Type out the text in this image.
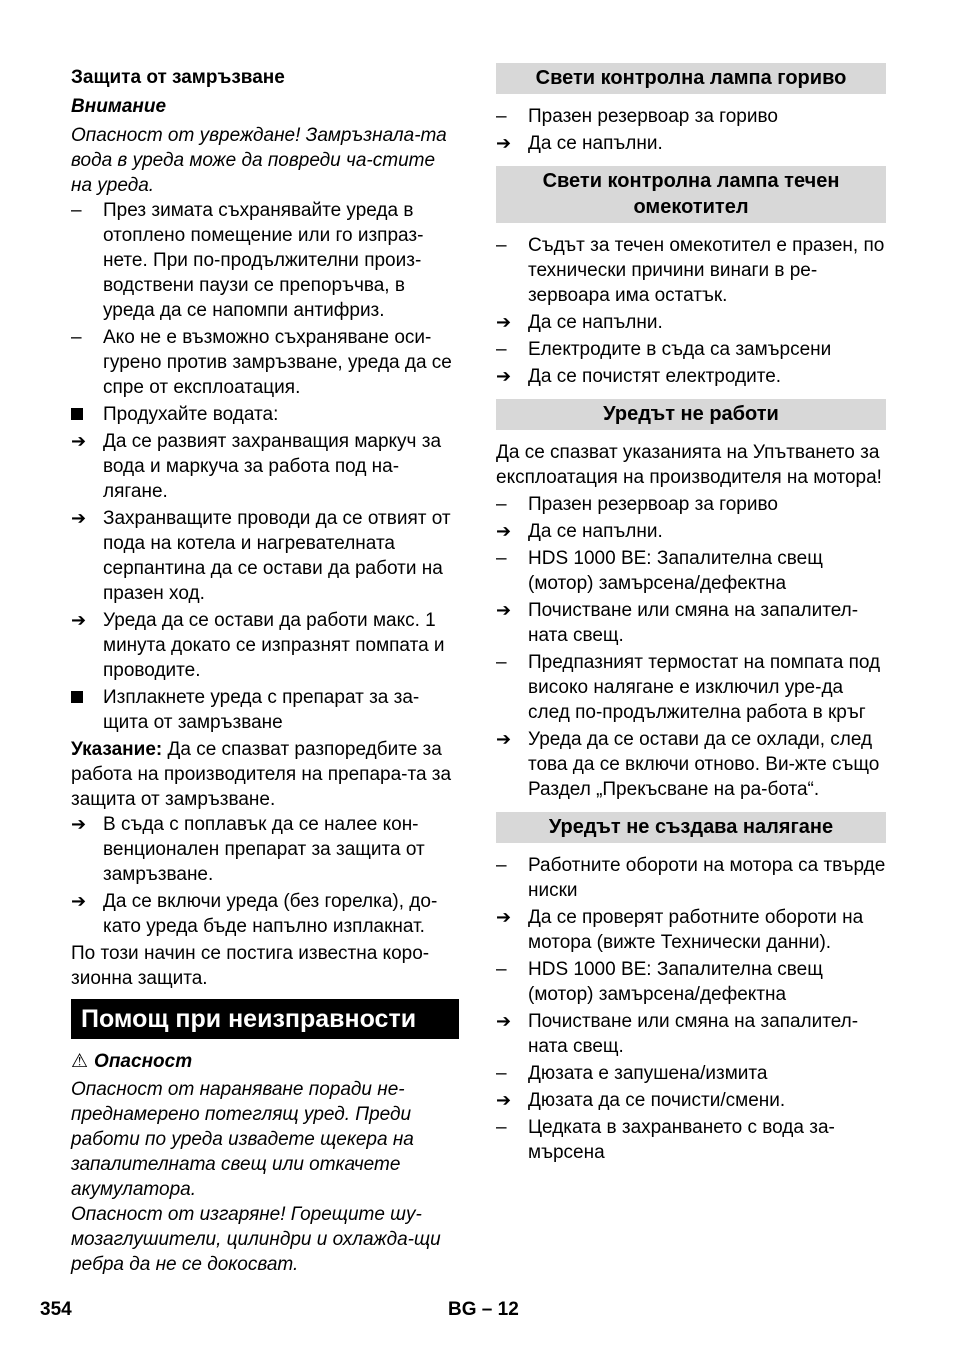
Защита от замръзване

Внимание

Опасност от увреждане! Замръзнала-та вода в уреда може да повреди ча-стите на уреда.

–
През зимата съхранявайте уреда в отоплено помещение или го изпраз-нете. При по-продължителни произ-водствени паузи се препоръчва, в уреда да се напомпи антифриз.
–
Ако не е възможно съхраняване оси-гурено против замръзване, уреда да се спре от експлоатация.
Продухайте водата:
➔
Да се развият захранващия маркуч за вода и маркуча за работа под на-лягане.
➔
Захранващите проводи да се отвият от пода на котела и нагревателната серпантина да се остави да работи на празен ход.
➔
Уреда да се остави да работи макс. 1 минута докато се изпразнят помпата и проводите.
Изплакнете уреда с препарат за за-щита от замръзване

Указание: Да се спазват разпоредбите за работа на производителя на препара-та за защита от замръзване.

➔
В съда с поплавък да се налее кон-венционален препарат за защита от замръзване.
➔
Да се включи уреда (без горелка), до-като уреда бъде напълно изплакнат.

По този начин се постига известна коро-зионна защита.

Помощ при неизправности

⚠ Опасност

Опасност от нараняване поради не-преднамерено потеглящ уред. Преди работи по уреда извадете щекера на запалителната свещ или откачете акумулатора.

Опасност от изгаряне! Горещите шу-мозаглушители, цилиндри и охлажда-щи ребра да не се докосват.

Свети контролна лампа гориво
–
Празен резервоар за гориво
➔
Да се напълни.
Свети контролна лампа течен омекотител
–
Съдът за течен омекотител е празен, по технически причини винаги в ре-зервоара има остатък.
➔
Да се напълни.
–
Електродите в съда са замърсени
➔
Да се почистят електродите.
Уредът не работи

Да се спазват указанията на Упътването за експлоатация на производителя на мотора!

–
Празен резервоар за гориво
➔
Да се напълни.
–
HDS 1000 BE: Запалителна свещ (мотор) замърсена/дефектна
➔
Почистване или смяна на запалител-ната свещ.
–
Предпазният термостат на помпата под високо налягане е изключил уре-да след по-продължителна работа в кръг
➔
Уреда да се остави да се охлади, след това да се включи отново. Ви-жте също Раздел „Прекъсване на ра-бота“.
Уредът не създава налягане
–
Работните обороти на мотора са твърде ниски
➔
Да се проверят работните обороти на мотора (вижте Технически данни).
–
HDS 1000 BE: Запалителна свещ (мотор) замърсена/дефектна
➔
Почистване или смяна на запалител-ната свещ.
–
Дюзата е запушена/измита
➔
Дюзата да се почисти/смени.
–
Цедката в захранването с вода за-мърсена
354	BG – 12
